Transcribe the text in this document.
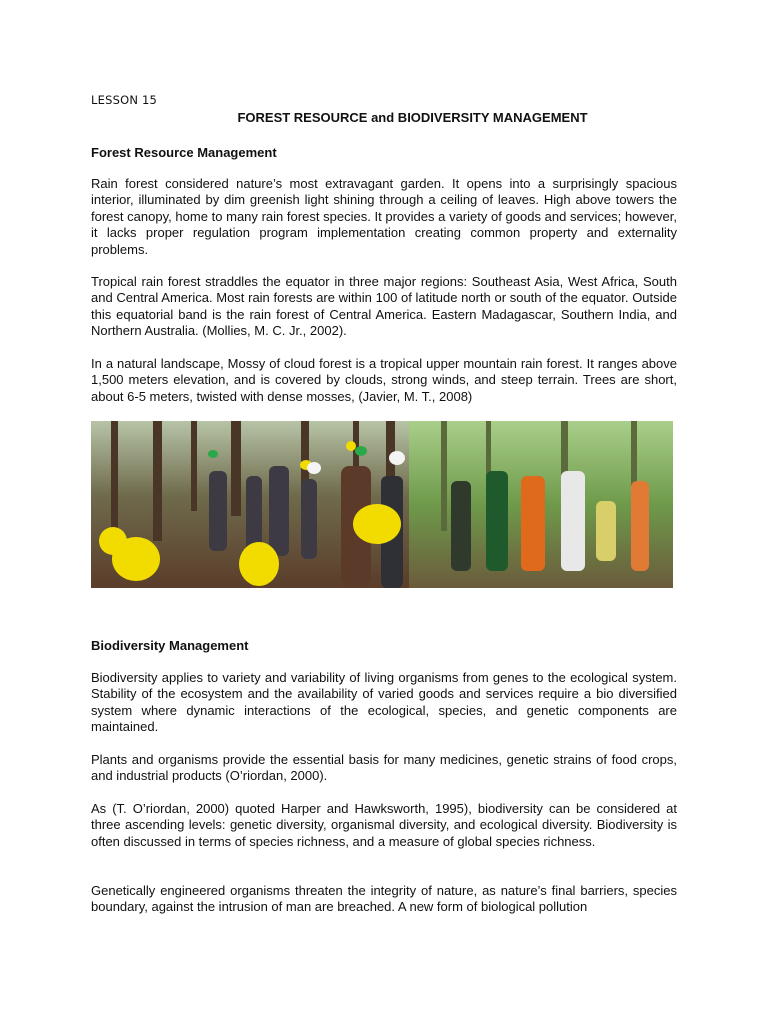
LESSON 15
FOREST RESOURCE and BIODIVERSITY MANAGEMENT
Forest Resource Management
Rain forest considered nature’s most extravagant garden. It opens into a surprisingly spacious interior, illuminated by dim greenish light shining through a ceiling of leaves. High above towers the forest canopy, home to many rain forest species. It provides a variety of goods and services; however, it lacks proper regulation program implementation creating common property and externality problems.
Tropical rain forest straddles the equator in three major regions: Southeast Asia, West Africa, South and Central America. Most rain forests are within 100 of latitude north or south of the equator. Outside this equatorial band is the rain forest of Central America. Eastern Madagascar, Southern India, and Northern Australia. (Mollies, M. C. Jr., 2002).
In a natural landscape, Mossy of cloud forest is a tropical upper mountain rain forest. It ranges above 1,500 meters elevation, and is covered by clouds, strong winds, and steep terrain. Trees are short, about 6-5 meters, twisted with dense mosses, (Javier, M. T., 2008)
Biodiversity Management
Biodiversity applies to variety and variability of living organisms from genes to the ecological system. Stability of the ecosystem and the availability of varied goods and services require a bio diversified system where dynamic interactions of the ecological, species, and genetic components are maintained.
Plants and organisms provide the essential basis for many medicines, genetic strains of food crops, and industrial products (O’riordan, 2000).
As (T. O’riordan, 2000) quoted Harper and Hawksworth, 1995), biodiversity can be considered at three ascending levels: genetic diversity, organismal diversity, and ecological diversity. Biodiversity is often discussed in terms of species richness, and a measure of global species richness.
Genetically engineered organisms threaten the integrity of nature, as nature’s final barriers, species boundary, against the intrusion of man are breached. A new form of biological pollution
